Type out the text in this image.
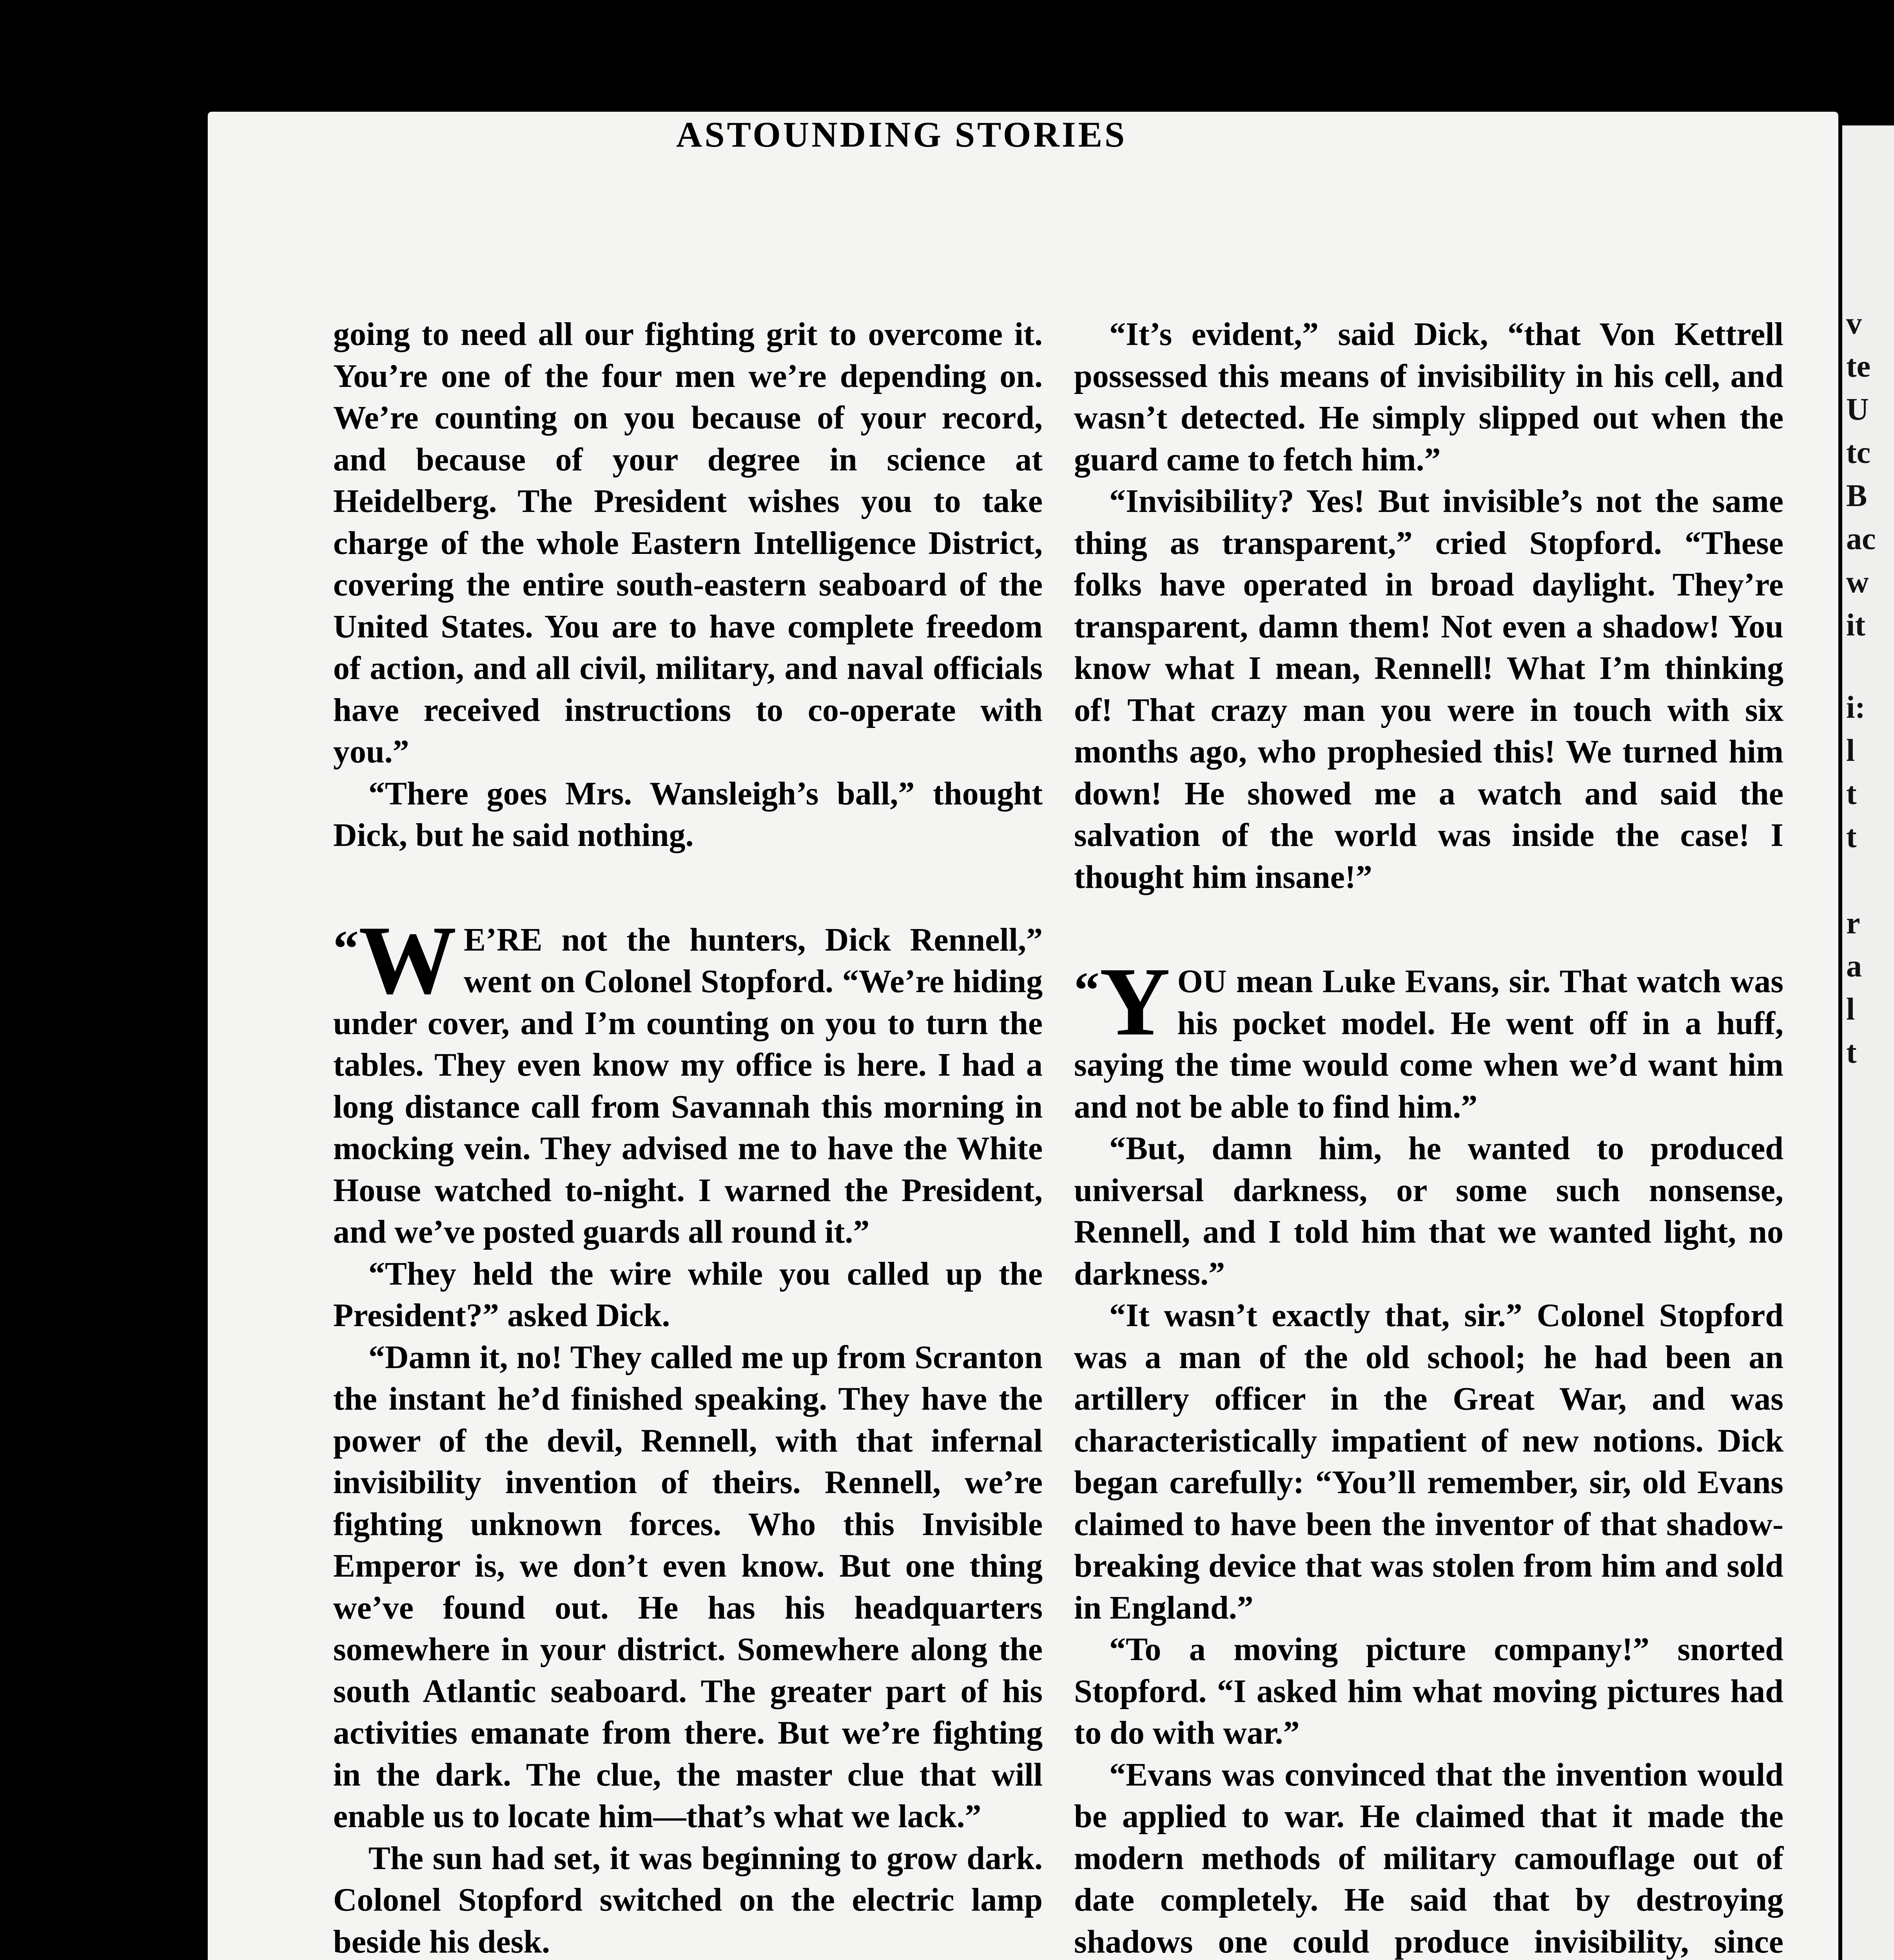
v
te
U
tc
B
ac
w
it
i:
l
t
t
r
a
l
t
32	ASTOUNDING STORIES

going to need all our fighting grit to overcome it. You’re one of the four men we’re depending on. We’re counting on you because of your record, and because of your degree in science at Heidelberg. The President wishes you to take charge of the whole Eastern Intelligence District, covering the entire south-eastern seaboard of the United States. You are to have complete freedom of action, and all civil, military, and naval officials have received instructions to co-operate with you.”

“There goes Mrs. Wansleigh’s ball,” thought Dick, but he said nothing.

“W E’RE not the hunters, Dick Rennell,” went on Colonel Stopford. “We’re hiding under cover, and I’m counting on you to turn the tables. They even know my office is here. I had a long distance call from Savannah this morning in mocking vein. They advised me to have the White House watched to-night. I warned the President, and we’ve posted guards all round it.”

“They held the wire while you called up the President?” asked Dick.

“Damn it, no! They called me up from Scranton the instant he’d finished speaking. They have the power of the devil, Rennell, with that infernal invisibility invention of theirs. Rennell, we’re fighting unknown forces. Who this Invisible Emperor is, we don’t even know. But one thing we’ve found out. He has his headquarters somewhere in your district. Somewhere along the south Atlantic seaboard. The greater part of his activities emanate from there. But we’re fighting in the dark. The clue, the master clue that will enable us to locate him—that’s what we lack.”

The sun had set, it was beginning to grow dark. Colonel Stopford switched on the electric lamp beside his desk.

“It’s evident,” said Dick, “that Von Kettrell possessed this means of invisibility in his cell, and wasn’t detected. He simply slipped out when the guard came to fetch him.”

“Invisibility? Yes! But invisible’s not the same thing as transparent,” cried Stopford. “These folks have operated in broad daylight. They’re transparent, damn them! Not even a shadow! You know what I mean, Rennell! What I’m thinking of! That crazy man you were in touch with six months ago, who prophesied this! We turned him down! He showed me a watch and said the salvation of the world was inside the case! I thought him insane!”

“Y OU mean Luke Evans, sir. That watch was his pocket model. He went off in a huff, saying the time would come when we’d want him and not be able to find him.”

“But, damn him, he wanted to produced universal darkness, or some such nonsense, Rennell, and I told him that we wanted light, no darkness.”

“It wasn’t exactly that, sir.” Colonel Stopford was a man of the old school; he had been an artillery officer in the Great War, and was characteristically impatient of new notions. Dick began carefully: “You’ll remember, sir, old Evans claimed to have been the inventor of that shadow-breaking device that was stolen from him and sold in England.”

“To a moving picture company!” snorted Stopford. “I asked him what moving pictures had to do with war.”

“Evans was convinced that the invention would be applied to war. He claimed that it made the modern methods of military camouflage out of date completely. He said that by destroying shadows one could produce invisibility, since
